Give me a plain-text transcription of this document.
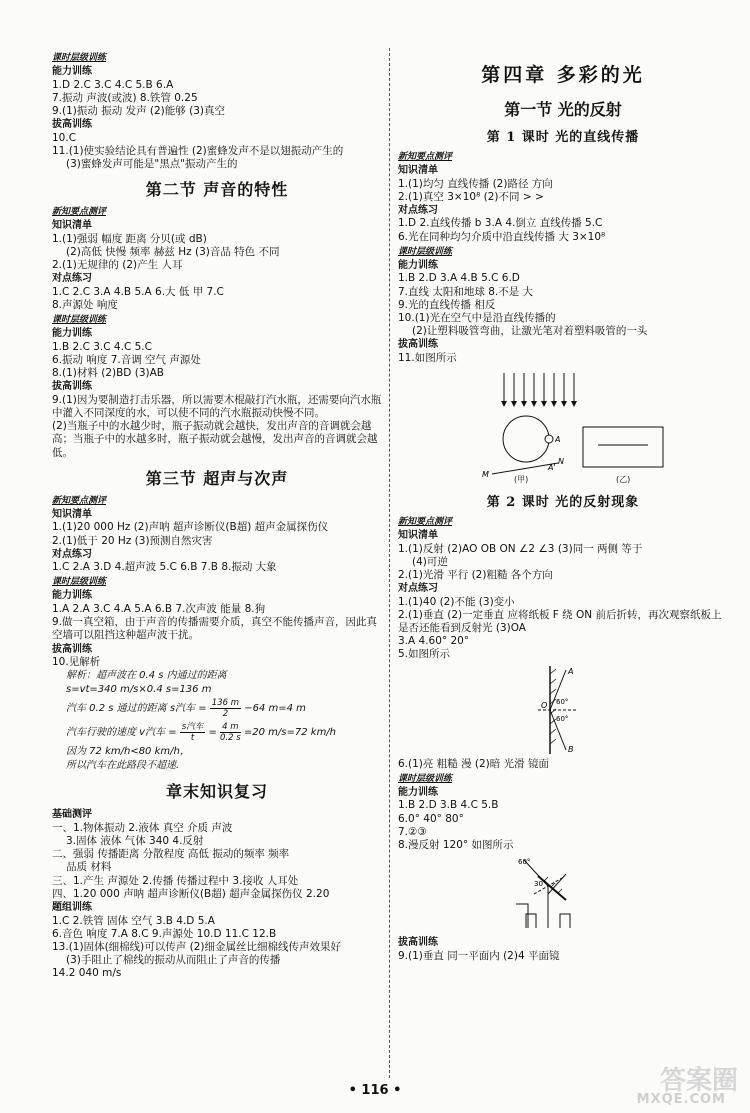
课时层级训练
能力训练
1.D 2.C 3.C 4.C 5.B 6.A
7.振动 声波(或波) 8.铁管 0.25
9.(1)振动 振动 发声 (2)能够 (3)真空
拔高训练
10.C
11.(1)使实验结论具有普遍性 (2)蜜蜂发声不是以翅振动产生的
(3)蜜蜂发声可能是"黑点"振动产生的
第二节 声音的特性
新知要点测评
知识清单
1.(1)强弱 幅度 距离 分贝(或 dB)
(2)高低 快慢 频率 赫兹 Hz (3)音品 特色 不同
2.(1)无规律的 (2)产生 人耳
对点练习
1.C 2.C 3.A 4.B 5.A 6.大 低 甲 7.C
8.声源处 响度
课时层级训练
能力训练
1.B 2.C 3.C 4.C 5.C
6.振动 响度 7.音调 空气 声源处
8.(1)材料 (2)BD (3)AB
拔高训练
9.(1)因为要制造打击乐器，所以需要木棍敲打汽水瓶，还需要向汽水瓶中灌入不同深度的水，可以使不同的汽水瓶振动快慢不同。
(2)当瓶子中的水越少时，瓶子振动就会越快，发出声音的音调就会越高；当瓶子中的水越多时，瓶子振动就会越慢，发出声音的音调就会越低。
第三节 超声与次声
新知要点测评
知识清单
1.(1)20 000 Hz (2)声呐 超声诊断仪(B超) 超声金属探伤仪
2.(1)低于 20 Hz (3)预测自然灾害
对点练习
1.C 2.A 3.D 4.超声波 5.C 6.B 7.B 8.振动 大象
课时层级训练
能力训练
1.A 2.A 3.C 4.A 5.A 6.B 7.次声波 能量 8.狗
9.做一真空箱，由于声音的传播需要介质，真空不能传播声音，因此真空墙可以阻挡这种超声波干扰。
拔高训练
10.见解析
解析：超声波在 0.4 s 内通过的距离
s=vt=340 m/s×0.4 s=136 m
汽车 0.2 s 通过的距离 s汽车 = $\frac{136 m}{2} -64$ m=4 m
汽车行驶的速度 v汽车 = $\frac{\text{s汽车}}{t} = \frac{4 m}{0.2 s} =20$ m/s=72 km/h
因为 72 km/h<80 km/h，
所以汽车在此路段不超速.
章末知识复习
基础测评
一、1.物体振动 2.液体 真空 介质 声波
3.固体 液体 气体 340 4.反射
二、强弱 传播距离 分散程度 高低 振动的频率 频率
品质 材料
三、1.产生 声源处 2.传播 传播过程中 3.接收 人耳处
四、1.20 000 声呐 超声诊断仪(B超) 超声金属探伤仪 2.20
题组训练
1.C 2.铁管 固体 空气 3.B 4.D 5.A
6.音色 响度 7.A 8.C 9.声源处 10.D 11.C 12.B
13.(1)固体(细棉线)可以传声 (2)细金属丝比细棉线传声效果好
(3)手阻止了棉线的振动从而阻止了声音的传播
14.2 040 m/s
第四章 多彩的光
第一节 光的反射
第 1 课时 光的直线传播
新知要点测评
知识清单
1.(1)均匀 直线传播 (2)路径 方向
2.(1)真空 3×10⁸ (2)不同 > >
对点练习
1.D 2.直线传播 b 3.A 4.倒立 直线传播 5.C
6.光在同种均匀介质中沿直线传播 大 3×10⁸
课时层级训练
能力训练
1.B 2.D 3.A 4.B 5.C 6.D
7.直线 太阳和地球 8.不是 大
9.光的直线传播 相反
10.(1)光在空气中是沿直线传播的
(2)让塑料吸管弯曲，让激光笔对着塑料吸管的一头
拔高训练
11.如图所示
A
M
N
A'
(甲)	(乙)
第 2 课时 光的反射现象
新知要点测评
知识清单
1.(1)反射 (2)AO OB ON ∠2 ∠3 (3)同一 两侧 等于
(4)可逆
2.(1)光滑 平行 (2)粗糙 各个方向
对点练习
1.(1)40 (2)不能 (3)变小
2.(1)垂直 (2)一定垂直 应将纸板 F 绕 ON 前后折转，再次观察纸板上是否还能看到反射光 (3)OA
3.A 4.60° 20°
5.如图所示
A
O
B
60°
60°
6.(1)亮 粗糙 漫 (2)暗 光滑 镜面
课时层级训练
能力训练
1.B 2.D 3.B 4.C 5.B
6.0° 40° 80°
7.②③
8.漫反射 120° 如图所示
60°
30°
拔高训练
9.(1)垂直 同一平面内 (2)4 平面镜
• 116 •	答案圈
MXQE.COM
